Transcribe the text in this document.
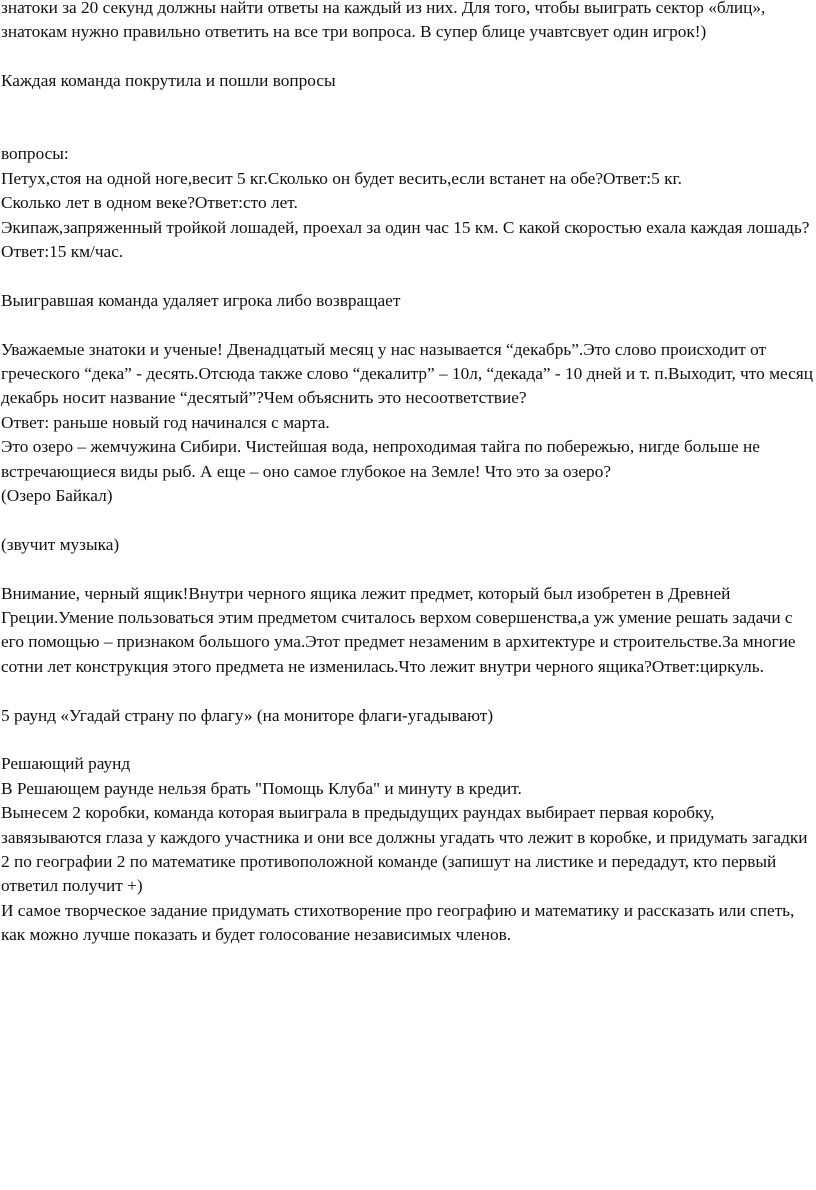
знатоки за 20 секунд должны найти ответы на каждый из них. Для того, чтобы выиграть сектор «блиц», знатокам нужно правильно ответить на все три вопроса. В супер блице учавтсвует один игрок!)

Каждая команда покрутила и пошли вопросы

вопросы:

Петух,стоя на одной ноге,весит 5 кг.Сколько он будет весить,если встанет на обе?Ответ:5 кг.

Сколько лет в одном веке?Ответ:сто лет.

Экипаж,запряженный тройкой лошадей, проехал за один час 15 км. С какой скоростью ехала каждая лошадь?Ответ:15 км/час.

Выигравшая команда удаляет игрока либо возвращает

Уважаемые знатоки и ученые! Двенадцатый месяц у нас называется “декабрь”.Это слово происходит от греческого “дека” - десять.Отсюда также слово “декалитр” – 10л, “декада” - 10 дней и т. п.Выходит, что месяц декабрь носит название “десятый”?Чем объяснить это несоответствие?

Ответ: раньше новый год начинался с марта.

Это озеро – жемчужина Сибири. Чистейшая вода, непроходимая тайга по побережью, нигде больше не встречающиеся виды рыб. А еще – оно самое глубокое на Земле! Что это за озеро?

(Озеро Байкал)

(звучит музыка)

Внимание, черный ящик!Внутри черного ящика лежит предмет, который был изобретен в Древней Греции.Умение пользоваться этим предметом считалось верхом совершенства,а уж умение решать задачи с его помощью – признаком большого ума.Этот предмет незаменим в архитектуре и строительстве.За многие сотни лет конструкция этого предмета не изменилась.Что лежит внутри черного ящика?Ответ:циркуль.

5 раунд «Угадай страну по флагу» (на мониторе флаги-угадывают)

Решающий раунд

В Решающем раунде нельзя брать "Помощь Клуба" и минуту в кредит.

Вынесем 2 коробки, команда которая выиграла в предыдущих раундах выбирает первая коробку, завязываются глаза у каждого участника и они все должны угадать что лежит в коробке, и придумать загадки 2 по географии 2 по математике противоположной команде (запишут на листике и передадут, кто первый ответил получит +)

И самое творческое задание придумать стихотворение про географию и математику и рассказать или спеть, как можно лучше показать и будет голосование независимых членов.
